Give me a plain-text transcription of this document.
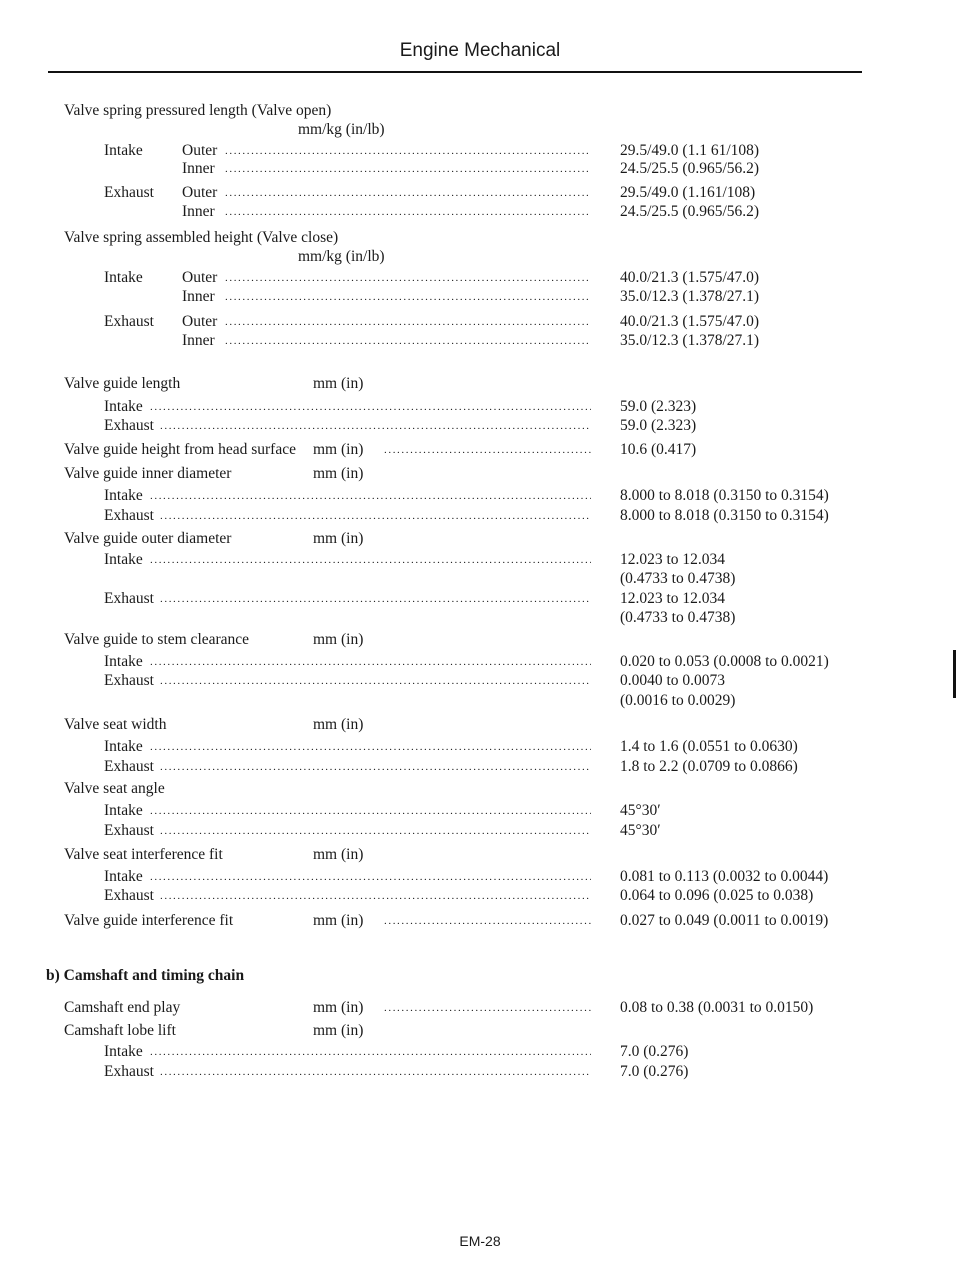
Engine Mechanical
Valve spring pressured length (Valve open)
mm/kg (in/lb)
Intake	Outer .....	29.5/49.0 (1.1 61/108)
Inner .....	24.5/25.5 (0.965/56.2)
Exhaust Outer .....	29.5/49.0 (1.161/108)
Inner .....	24.5/25.5 (0.965/56.2)
Valve spring assembled height (Valve close)
mm/kg (in/lb)
Intake	Outer .....	40.0/21.3 (1.575/47.0)
Inner .....	35.0/12.3 (1.378/27.1)
Exhaust Outer .....	40.0/21.3 (1.575/47.0)
Inner .....	35.0/12.3 (1.378/27.1)
Valve guide length	mm (in)
Intake .....	59.0 (2.323)
Exhaust .....	59.0 (2.323)
Valve guide height from head surface mm (in) .....	10.6 (0.417)
Valve guide inner diameter	mm (in)
Intake .....	8.000 to 8.018 (0.3150 to 0.3154)
Exhaust .....	8.000 to 8.018 (0.3150 to 0.3154)
Valve guide outer diameter	mm (in)
Intake .....	12.023 to 12.034
(0.4733 to 0.4738)
Exhaust .....	12.023 to 12.034
(0.4733 to 0.4738)
Valve guide to stem clearance	mm (in)
Intake .....	0.020 to 0.053 (0.0008 to 0.0021)
Exhaust .....	0.0040 to 0.0073
(0.0016 to 0.0029)
Valve seat width	mm (in)
Intake .....	1.4 to 1.6 (0.0551 to 0.0630)
Exhaust .....	1.8 to 2.2 (0.0709 to 0.0866)
Valve seat angle
Intake .....	45°30′
Exhaust .....	45°30′
Valve seat interference fit	mm (in)
Intake .....	0.081 to 0.113 (0.0032 to 0.0044)
Exhaust .....	0.064 to 0.096 (0.025 to 0.038)
Valve guide interference fit	mm (in) .....	0.027 to 0.049 (0.0011 to 0.0019)
b) Camshaft and timing chain
Camshaft end play	mm (in) .....	0.08 to 0.38 (0.0031 to 0.0150)
Camshaft lobe lift	mm (in)
Intake .....	7.0 (0.276)
Exhaust .....	7.0 (0.276)
EM-28
